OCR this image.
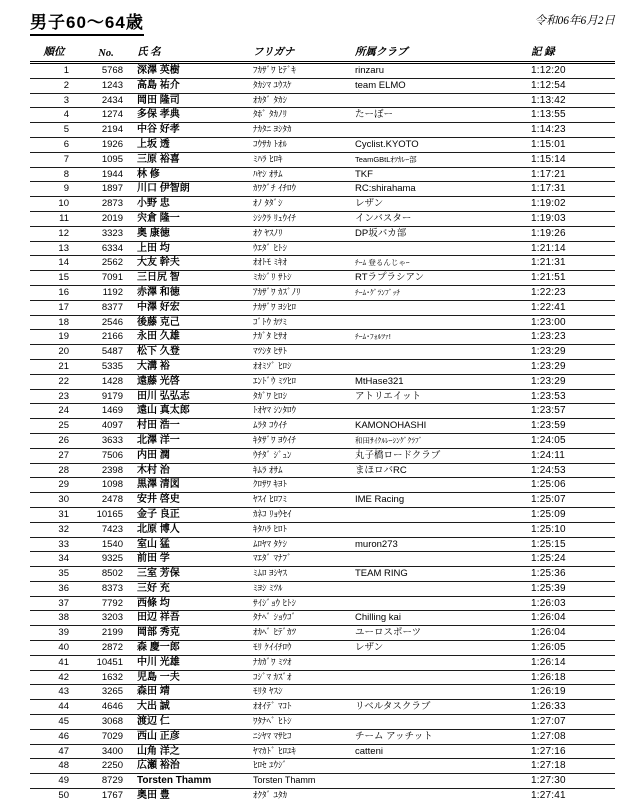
男子60～64歳	令和06年6月2日
順位	No.	氏 名	フリガナ	所属クラブ	記 録
1	5768	深澤 英樹	ﾌｶｻﾞﾜ ﾋﾃﾞｷ	rinzaru	1:12:20
2	1243	高島 祐介	ﾀｶｼﾏ ﾕｳｽｹ	team ELMO	1:12:54
3	2434	岡田 隆司	ｵｶﾀﾞ ﾀｶｼ		1:13:42
4	1274	多保 孝典	ﾀﾎﾞ ﾀｶﾉﾘ	たーぼー	1:13:55
5	2194	中谷 好孝	ﾅｶﾀﾆ ﾖｼﾀｶ		1:14:23
6	1926	上坂 透	ｺｳｻｶ ﾄｵﾙ	Cyclist.KYOTO	1:15:01
7	1095	三原 裕喜	ﾐﾊﾗ ﾋﾛｷ	TeamGBtLｵﾂｶﾚｰ部	1:15:14
8	1944	林 修	ﾊﾔｼ ｵｻﾑ	TKF	1:17:21
9	1897	川口 伊智朗	ｶﾜｸﾞﾁ ｲﾁﾛｳ	RC:shirahama	1:17:31
10	2873	小野 忠	ｵﾉ ﾀﾀﾞｼ	レザン	1:19:02
11	2019	宍倉 隆一	ｼｼｸﾗ ﾘｭｳｲﾁ	インバスター	1:19:03
12	3323	奥 康徳	ｵｸ ﾔｽﾉﾘ	DP坂バカ部	1:19:26
13	6334	上田 均	ｳｴﾀﾞ ﾋﾄｼ		1:21:14
14	2562	大友 幹夫	ｵｵﾄﾓ ﾐｷｵ	ﾁｰﾑ 登るんじゃｰ	1:21:31
15	7091	三日尻 智	ﾐｶｼﾞﾘ ｻﾄｼ	RTラプラシアン	1:21:51
16	1192	赤澤 和徳	ｱｶｻﾞﾜ ｶｽﾞﾉﾘ	ﾁｰﾑ･ｸﾞﾗﾝﾌﾞｯﾁ	1:22:23
17	8377	中澤 好宏	ﾅｶｻﾞﾜ ﾖｼﾋﾛ		1:22:41
18	2546	後藤 克己	ｺﾞﾄｳ ｶﾂﾐ		1:23:00
19	2166	永田 久雄	ﾅｶﾞﾀ ﾋｻｵ	ﾁｰﾑ･ﾌｫﾙﾂｧ!	1:23:23
20	5487	松下 久登	ﾏﾂｼﾀ ﾋｻﾄ		1:23:29
21	5335	大溝 裕	ｵｵﾐｿﾞ ﾋﾛｼ		1:23:29
22	1428	遠藤 光啓	ｴﾝﾄﾞｳ ﾐﾂﾋﾛ	MtHase321	1:23:29
23	9179	田川 弘弘志	ﾀｶﾞﾜ ﾋﾛｼ	アトリエイット	1:23:53
24	1469	遠山 真太郎	ﾄｵﾔﾏ ｼﾝﾀﾛｳ		1:23:57
25	4097	村田 浩一	ﾑﾗﾀ ｺｳｲﾁ	KAMONOHASHI	1:23:59
26	3633	北澤 洋一	ｷﾀｻﾞﾜ ﾖｳｲﾁ	和田ｻｲｸﾙﾚｰｼﾝｸﾞｸﾗﾌﾞ	1:24:05
27	7506	内田 潤	ｳﾁﾀﾞ ｼﾞｭﾝ	丸子橋ロードクラブ	1:24:11
28	2398	木村 治	ｷﾑﾗ ｵｻﾑ	まほロバRC	1:24:53
29	1098	黒澤 清図	ｸﾛｻﾜ ｷﾖﾄ		1:25:06
30	2478	安井 啓史	ﾔｽｲ ﾋﾛﾌﾐ	IME Racing	1:25:07
31	10165	金子 良正	ｶﾈｺ ﾘｮｳｾｲ		1:25:09
32	7423	北原 博人	ｷﾀﾊﾗ ﾋﾛﾄ		1:25:10
33	1540	室山 猛	ﾑﾛﾔﾏ ﾀｹｼ	muron273	1:25:15
34	9325	前田 学	ﾏｴﾀﾞ ﾏﾅﾌﾞ		1:25:24
35	8502	三室 芳保	ﾐﾑﾛ ﾖｼﾔｽ	TEAM RING	1:25:36
36	8373	三好 充	ﾐﾖｼ ﾐﾂﾙ		1:25:39
37	7792	西條 均	ｻｲｼﾞｮｳ ﾋﾄｼ		1:26:03
38	3203	田辺 祥吾	ﾀﾅﾍﾞ ｼｮｳｺﾞ	Chilling kai	1:26:04
39	2199	岡部 秀克	ｵｶﾍﾞ ﾋﾃﾞｶﾂ	ユーロスポーツ	1:26:04
40	2872	森 慶一郎	ﾓﾘ ｹｲｲﾁﾛｳ	レザン	1:26:05
41	10451	中川 光雄	ﾅｶｶﾞﾜ ﾐﾂｵ		1:26:14
42	1632	児島 一夫	ｺｼﾞﾏ ｶｽﾞｵ		1:26:18
43	3265	森田 靖	ﾓﾘﾀ ﾔｽｼ		1:26:19
44	4646	大出 誠	ｵｵｲﾃﾞ ﾏｺﾄ	リベルタスクラブ	1:26:33
45	3068	渡辺 仁	ﾜﾀﾅﾍﾞ ﾋﾄｼ		1:27:07
46	7029	西山 正彦	ﾆｼﾔﾏ ﾏｻﾋｺ	チーム アッチット	1:27:08
47	3400	山角 洋之	ﾔﾏｶﾄﾞ ﾋﾛﾕｷ	catteni	1:27:16
48	2250	広瀬 裕治	ﾋﾛｾ ﾕｳｼﾞ		1:27:18
49	8729	Torsten Thamm	Torsten Thamm		1:27:30
50	1767	奥田 豊	ｵｸﾀﾞ ﾕﾀｶ		1:27:41
